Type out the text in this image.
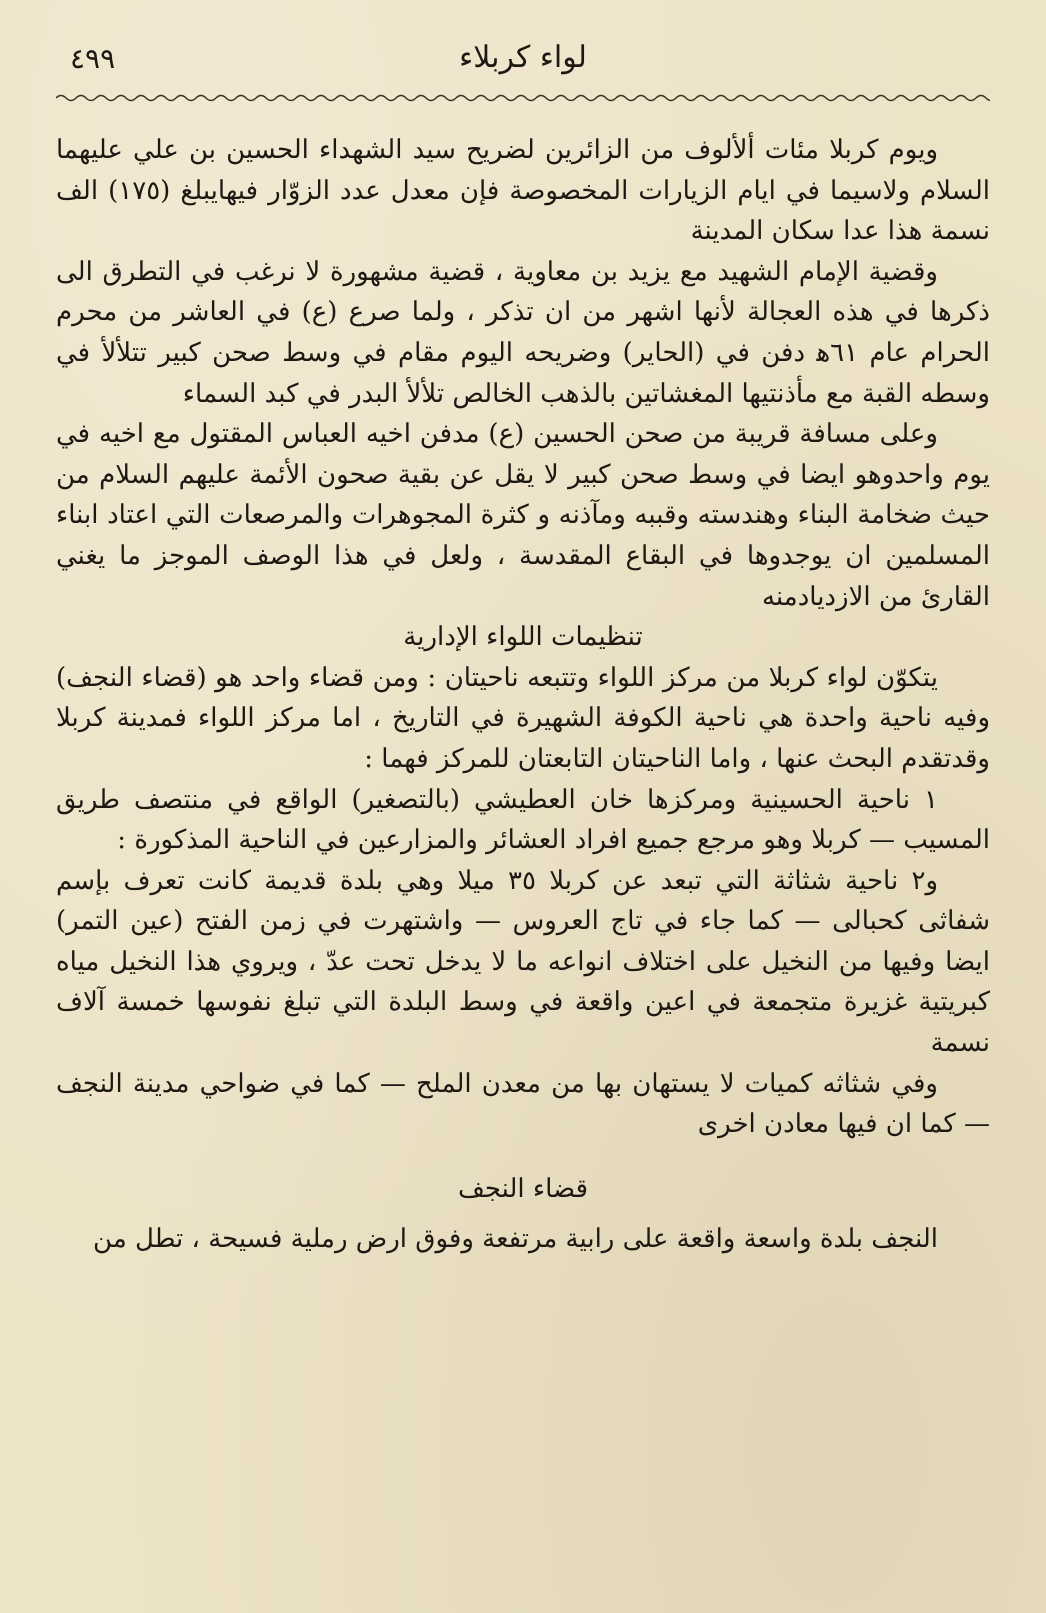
لواء كربلاء
٤٩٩

ويوم كربلا مئات ألألوف من الزائرين لضريح سيد الشهداء الحسين بن علي عليهما السلام ولاسيما في ايام الزيارات المخصوصة فإن معدل عدد الزوّار فيهايبلغ (١٧٥) الف نسمة هذا عدا سكان المدينة

وقضية الإمام الشهيد مع يزيد بن معاوية ، قضية مشهورة لا نرغب في التطرق الى ذكرها في هذه العجالة لأنها اشهر من ان تذكر ، ولما صرع (ع) في العاشر من محرم الحرام عام ٦١ﻫ دفن في (الحاير) وضريحه اليوم مقام في وسط صحن كبير تتلألأ في وسطه القبة مع مأذنتيها المغشاتين بالذهب الخالص تلألأ البدر في كبد السماء

وعلى مسافة قريبة من صحن الحسين (ع) مدفن اخيه العباس المقتول مع اخيه في يوم واحدوهو ايضا في وسط صحن كبير لا يقل عن بقية صحون الأئمة عليهم السلام من حيث ضخامة البناء وهندسته وقببه ومآذنه و كثرة المجوهرات والمرصعات التي اعتاد ابناء المسلمين ان يوجدوها في البقاع المقدسة ، ولعل في هذا الوصف الموجز ما يغني القارئ من الازديادمنه

تنظيمات اللواء الإدارية

يتكوّن لواء كربلا من مركز اللواء وتتبعه ناحيتان : ومن قضاء واحد هو (قضاء النجف) وفيه ناحية واحدة هي ناحية الكوفة الشهيرة في التاريخ ، اما مركز اللواء فمدينة كربلا وقدتقدم البحث عنها ، واما الناحيتان التابعتان للمركز فهما :

١ ناحية الحسينية ومركزها خان العطيشي (بالتصغير) الواقع في منتصف طريق المسيب — كربلا وهو مرجع جميع افراد العشائر والمزارعين في الناحية المذكورة :

و٢ ناحية شثاثة التي تبعد عن كربلا ٣٥ ميلا وهي بلدة قديمة كانت تعرف بإسم شفاثى كحبالى — كما جاء في تاج العروس — واشتهرت في زمن الفتح (عين التمر) ايضا وفيها من النخيل على اختلاف انواعه ما لا يدخل تحت عدّ ، ويروي هذا النخيل مياه كبريتية غزيرة متجمعة في اعين واقعة في وسط البلدة التي تبلغ نفوسها خمسة آلاف نسمة

وفي شثاثه كميات لا يستهان بها من معدن الملح — كما في ضواحي مدينة النجف — كما ان فيها معادن اخرى

قضاء النجف

النجف بلدة واسعة واقعة على رابية مرتفعة وفوق ارض رملية فسيحة ، تطل من
